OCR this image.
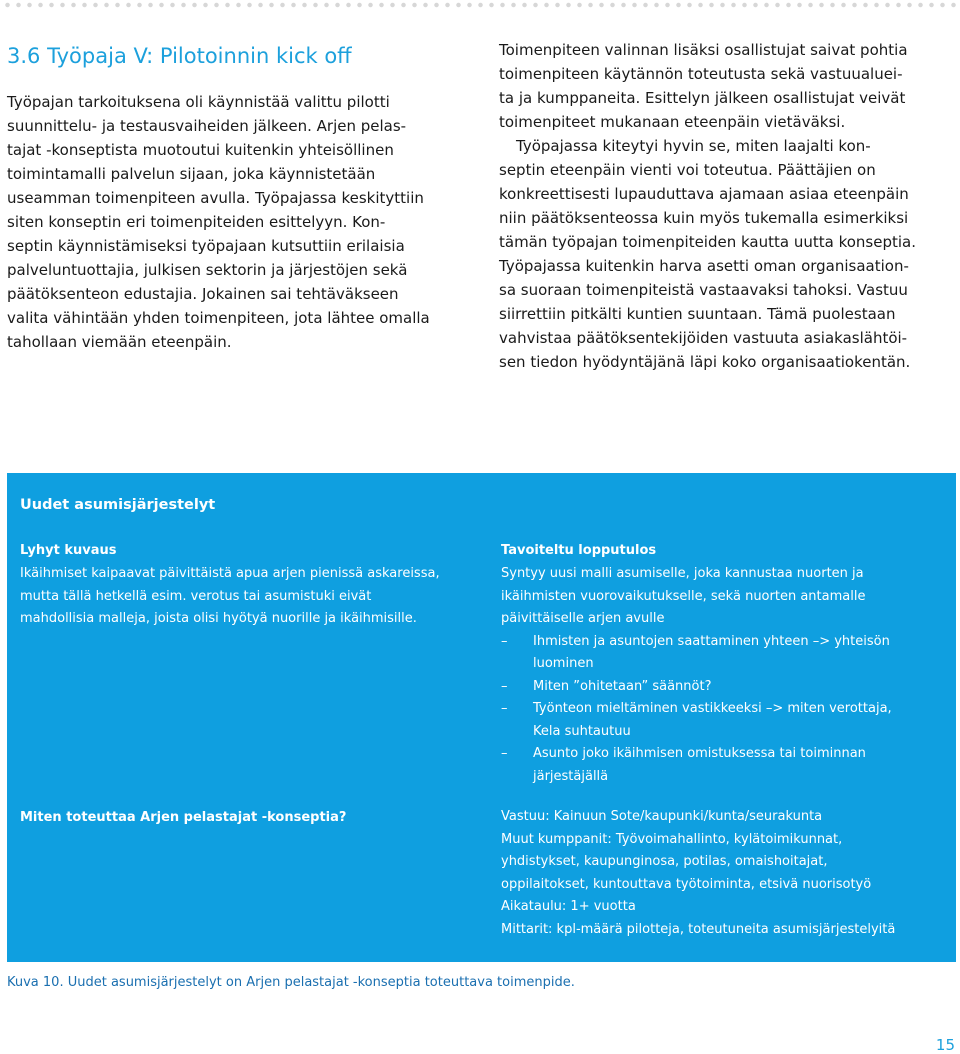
3.6 Työpaja V: Pilotoinnin kick off
Työpajan tarkoituksena oli käynnistää valittu pilotti
suunnittelu- ja testausvaiheiden jälkeen. Arjen pelas-
tajat -konseptista muotoutui kuitenkin yhteisöllinen
toimintamalli palvelun sijaan, joka käynnistetään
useamman toimenpiteen avulla. Työpajassa keskityttiin
siten konseptin eri toimenpiteiden esittelyyn. Kon-
septin käynnistämiseksi työpajaan kutsuttiin erilaisia
palveluntuottajia, julkisen sektorin ja järjestöjen sekä
päätöksenteon edustajia. Jokainen sai tehtäväkseen
valita vähintään yhden toimenpiteen, jota lähtee omalla
tahollaan viemään eteenpäin.
Toimenpiteen valinnan lisäksi osallistujat saivat pohtia
toimenpiteen käytännön toteutusta sekä vastuualuei-
ta ja kumppaneita. Esittelyn jälkeen osallistujat veivät
toimenpiteet mukanaan eteenpäin vietäväksi.
Työpajassa kiteytyi hyvin se, miten laajalti kon-
septin eteenpäin vienti voi toteutua. Päättäjien on
konkreettisesti lupauduttava ajamaan asiaa eteenpäin
niin päätöksenteossa kuin myös tukemalla esimerkiksi
tämän työpajan toimenpiteiden kautta uutta konseptia.
Työpajassa kuitenkin harva asetti oman organisaation-
sa suoraan toimenpiteistä vastaavaksi tahoksi. Vastuu
siirrettiin pitkälti kuntien suuntaan. Tämä puolestaan
vahvistaa päätöksentekijöiden vastuuta asiakaslähtöi-
sen tiedon hyödyntäjänä läpi koko organisaatiokentän.
Uudet asumisjärjestelyt
Lyhyt kuvaus
Ikäihmiset kaipaavat päivittäistä apua arjen pienissä askareissa,
mutta tällä hetkellä esim. verotus tai asumistuki eivät
mahdollisia malleja, joista olisi hyötyä nuorille ja ikäihmisille.
Tavoiteltu lopputulos
Syntyy uusi malli asumiselle, joka kannustaa nuorten ja
ikäihmisten vuorovaikutukselle, sekä nuorten antamalle
päivittäiselle arjen avulle
– Ihmisten ja asuntojen saattaminen yhteen –> yhteisön
luominen
– Miten ”ohitetaan” säännöt?
– Työnteon mieltäminen vastikkeeksi –> miten verottaja,
Kela suhtautuu
– Asunto joko ikäihmisen omistuksessa tai toiminnan
järjestäjällä
Miten toteuttaa Arjen pelastajat -konseptia?	Vastuu: Kainuun Sote/kaupunki/kunta/seurakunta
Muut kumppanit: Työvoimahallinto, kylätoimikunnat,
yhdistykset, kaupunginosa, potilas, omaishoitajat,
oppilaitokset, kuntouttava työtoiminta, etsivä nuorisotyö
Aikataulu: 1+ vuotta
Mittarit: kpl-määrä pilotteja, toteutuneita asumisjärjestelyitä
Kuva 10. Uudet asumisjärjestelyt on Arjen pelastajat -konseptia toteuttava toimenpide.
15
